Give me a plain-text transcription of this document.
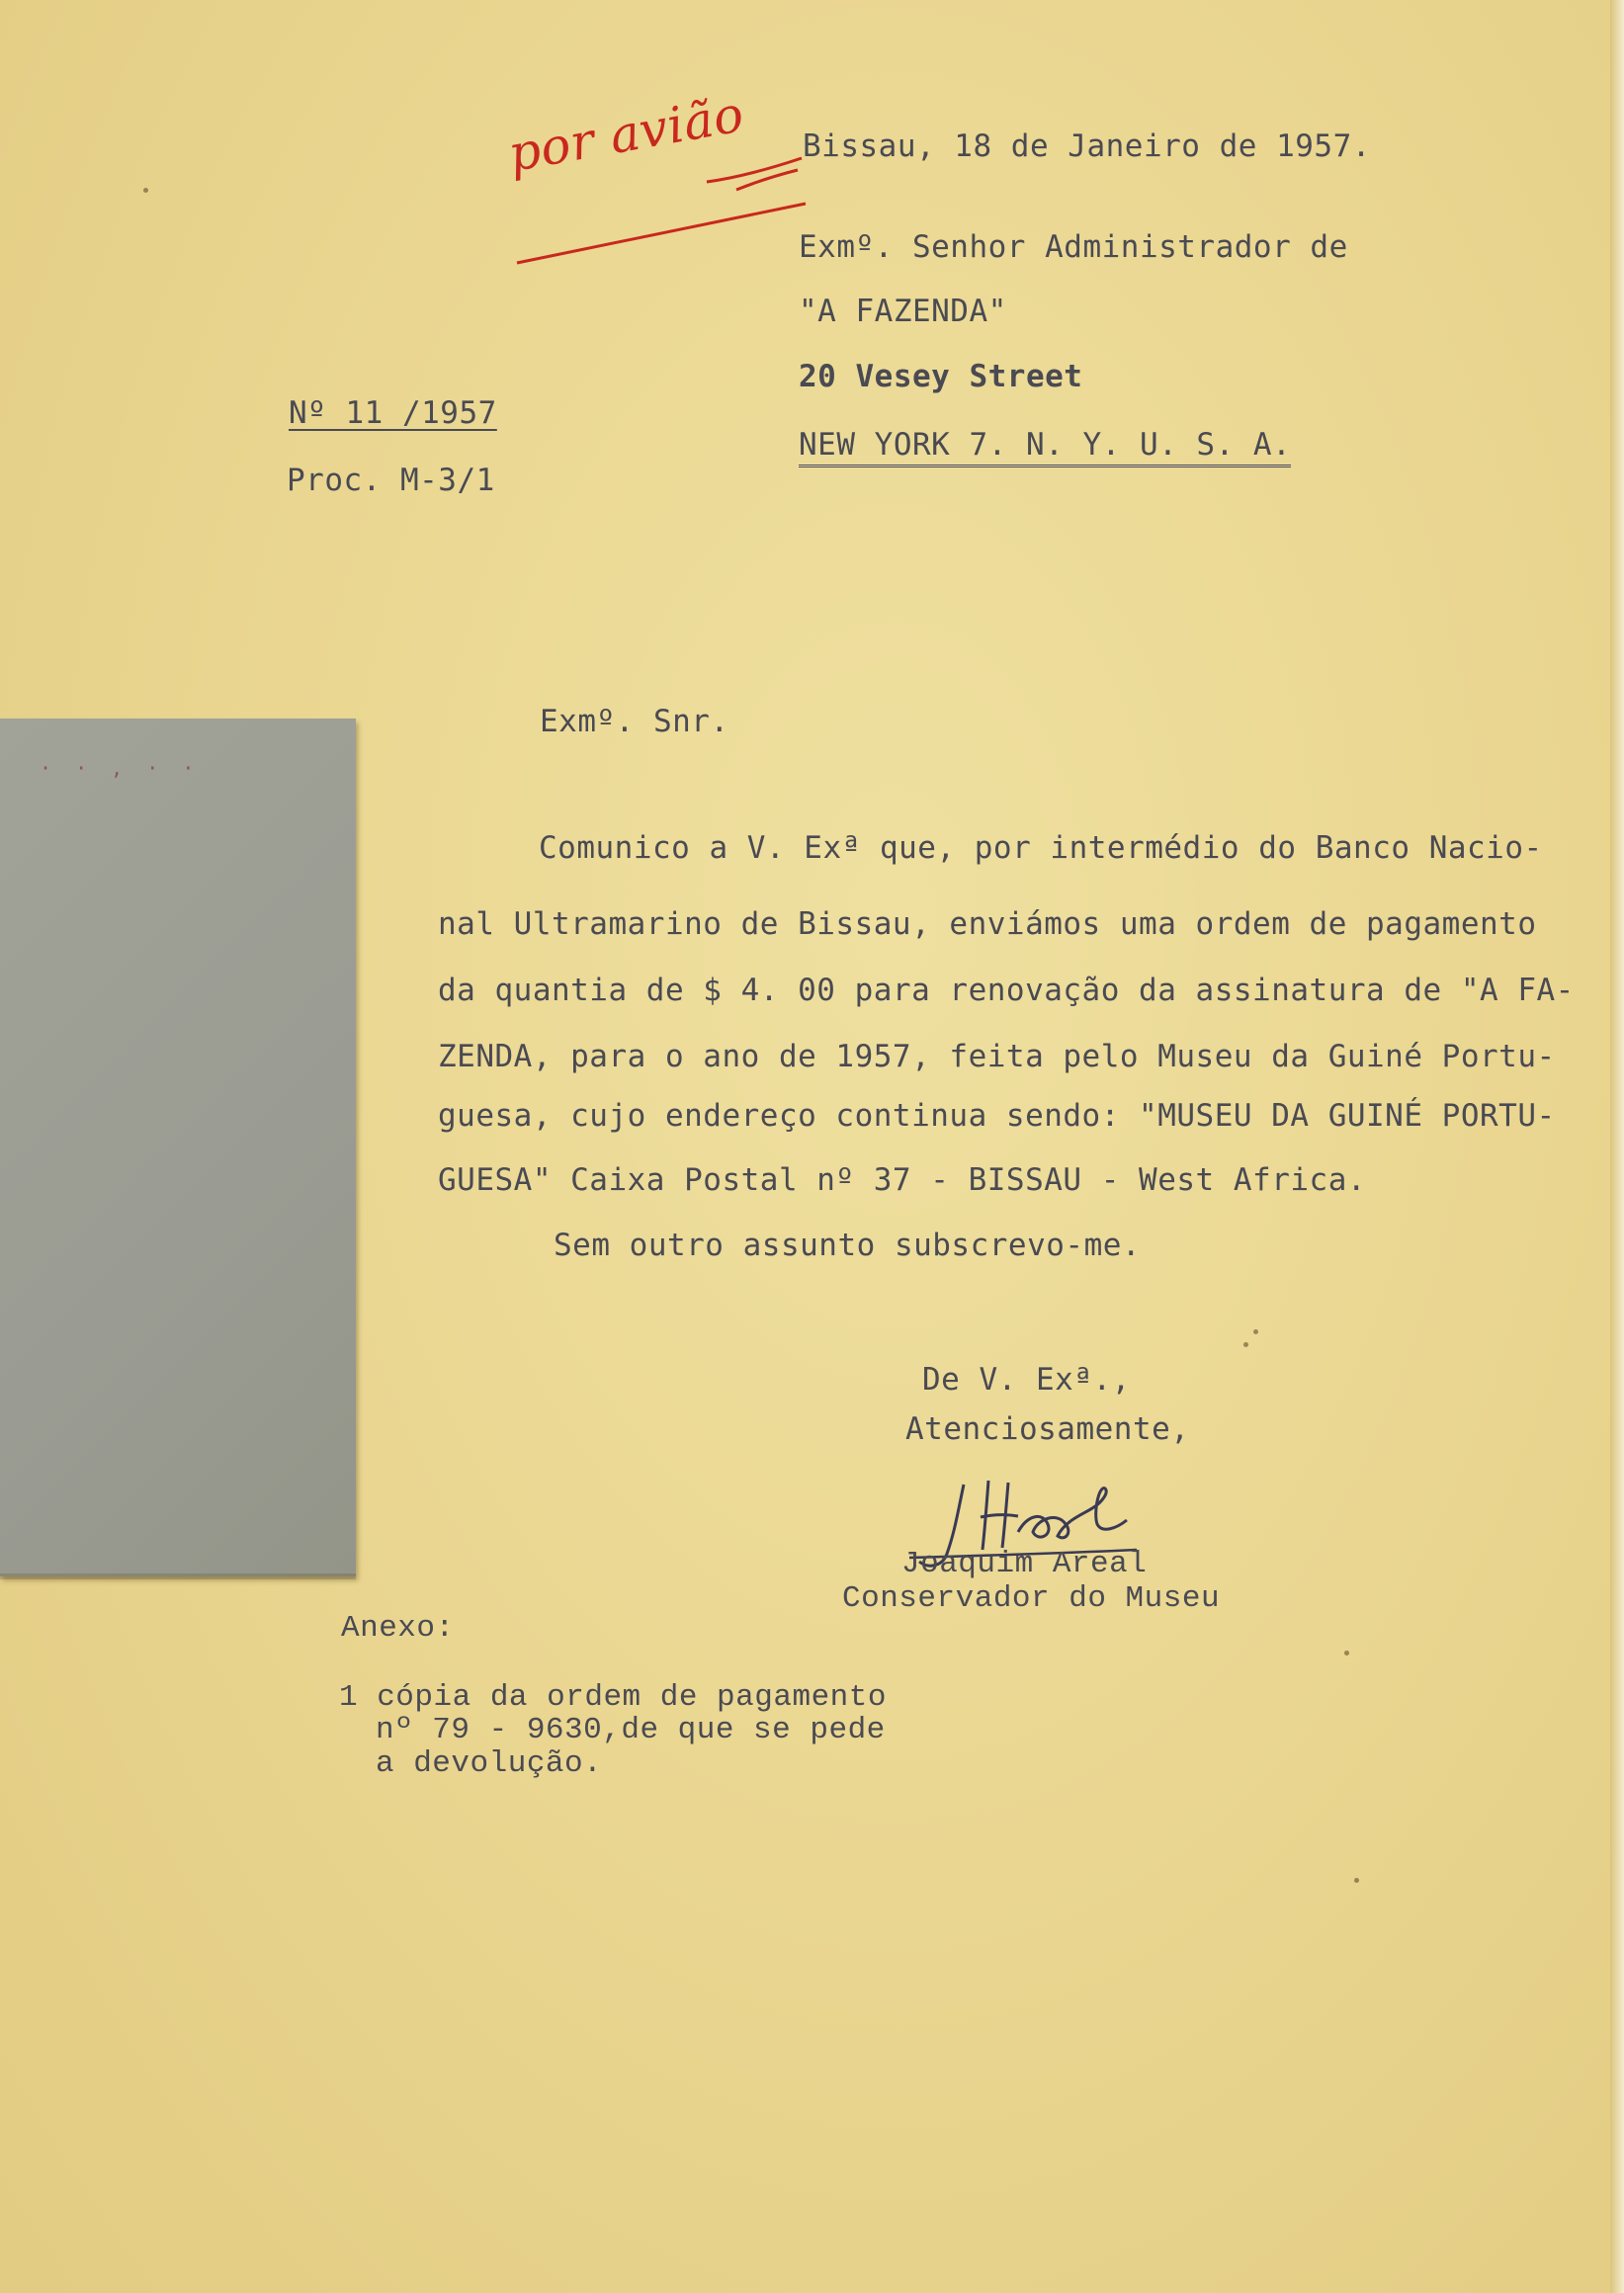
por avião Bissau, 18 de Janeiro de 1957.
Exmº. Senhor Administrador de
"A FAZENDA"
20 Vesey Street
NEW YORK 7. N. Y. U. S. A.
Nº 11 /1957
Proc. M-3/1
Exmº. Snr.
Comunico a V. Exª que, por intermédio do Banco Nacio-
nal Ultramarino de Bissau, enviámos uma ordem de pagamento
da quantia de $ 4. 00 para renovação da assinatura de "A FA-
ZENDA, para o ano de 1957, feita pelo Museu da Guiné Portu-
guesa, cujo endereço continua sendo: "MUSEU DA GUINÉ PORTU-
GUESA" Caixa Postal nº 37 - BISSAU - West Africa.
Sem outro assunto subscrevo-me.
De V. Exª.,
Atenciosamente,
Joaquim Areal
Conservador do Museu
Anexo:
1 cópia da ordem de pagamento
nº 79 - 9630,de que se pede
a devolução.
· · , · ·
